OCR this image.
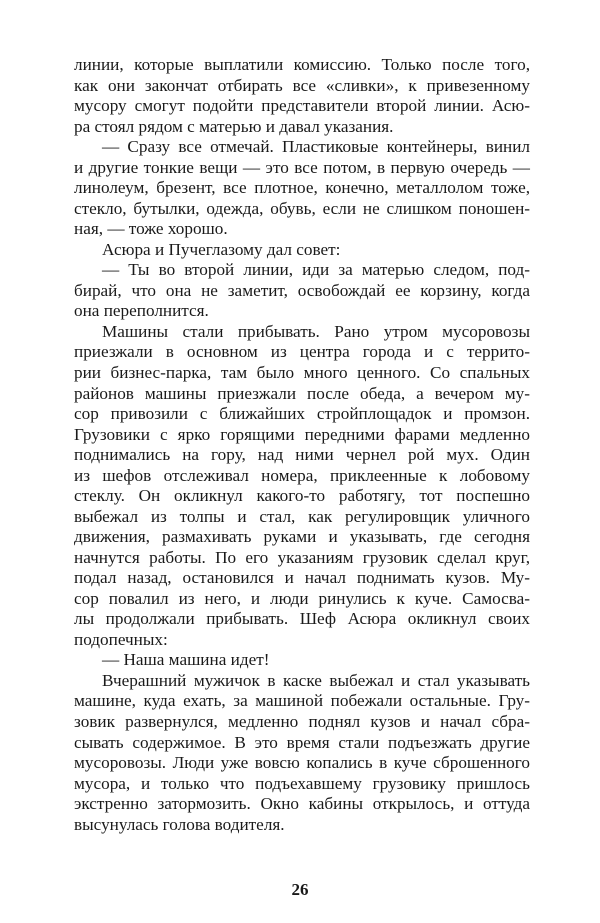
линии, которые выплатили комиссию. Только после того,
как они закончат отбирать все «сливки», к привезенному
мусору смогут подойти представители второй линии. Асю-
ра стоял рядом с матерью и давал указания.
— Сразу все отмечай. Пластиковые контейнеры, винил
и другие тонкие вещи — это все потом, в первую очередь —
линолеум, брезент, все плотное, конечно, металлолом тоже,
стекло, бутылки, одежда, обувь, если не слишком поношен-
ная, — тоже хорошо.
Асюра и Пучеглазому дал совет:
— Ты во второй линии, иди за матерью следом, под-
бирай, что она не заметит, освобождай ее корзину, когда
она переполнится.
Машины стали прибывать. Рано утром мусоровозы
приезжали в основном из центра города и с террито-
рии бизнес-парка, там было много ценного. Со спальных
районов машины приезжали после обеда, а вечером му-
сор привозили с ближайших стройплощадок и промзон.
Грузовики с ярко горящими передними фарами медленно
поднимались на гору, над ними чернел рой мух. Один
из шефов отслеживал номера, приклеенные к лобовому
стеклу. Он окликнул какого-то работягу, тот поспешно
выбежал из толпы и стал, как регулировщик уличного
движения, размахивать руками и указывать, где сегодня
начнутся работы. По его указаниям грузовик сделал круг,
подал назад, остановился и начал поднимать кузов. Му-
сор повалил из него, и люди ринулись к куче. Самосва-
лы продолжали прибывать. Шеф Асюра окликнул своих
подопечных:
— Наша машина идет!
Вчерашний мужичок в каске выбежал и стал указывать
машине, куда ехать, за машиной побежали остальные. Гру-
зовик развернулся, медленно поднял кузов и начал сбра-
сывать содержимое. В это время стали подъезжать другие
мусоровозы. Люди уже вовсю копались в куче сброшенного
мусора, и только что подъехавшему грузовику пришлось
экстренно затормозить. Окно кабины открылось, и оттуда
высунулась голова водителя.
26
